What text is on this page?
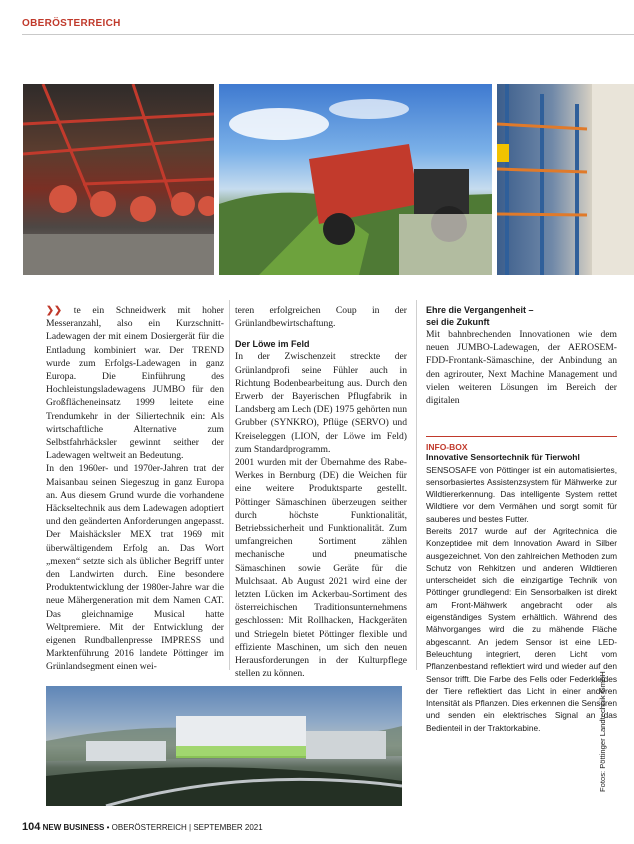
OBERÖSTERREICH

❯❯ te ein Schneidwerk mit hoher Messeranzahl, also ein Kurzschnitt-Ladewagen der mit einem Dosiergerät für die Entladung kombiniert war. Der TREND wurde zum Erfolgs-Ladewagen in ganz Europa. Die Einführung des Hochleistungsladewagens JUMBO für den Großflächeneinsatz 1999 leitete eine Trendumkehr in der Siliertechnik ein: Als wirtschaftliche Alternative zum Selbstfahrhäcksler gewinnt seither der Ladewagen weltweit an Bedeutung.

In den 1960er- und 1970er-Jahren trat der Maisanbau seinen Siegeszug in ganz Europa an. Aus diesem Grund wurde die vorhandene Häckseltechnik aus dem Ladewagen adoptiert und den geänderten Anforderungen angepasst. Der Maishäcksler MEX trat 1969 mit überwältigendem Erfolg an. Das Wort „mexen“ setzte sich als üblicher Begriff unter den Landwirten durch. Eine besondere Produktentwicklung der 1980er-Jahre war die neue Mähergeneration mit dem Namen CAT. Das gleichnamige Musical hatte Weltpremiere. Mit der Entwicklung der eigenen Rundballenpresse IMPRESS und Marktenführung 2016 landete Pöttinger im Grünlandsegment einen wei-

teren erfolgreichen Coup in der Grünlandbewirtschaftung.

Der Löwe im Feld

In der Zwischenzeit streckte der Grünlandprofi seine Fühler auch in Richtung Bodenbearbeitung aus. Durch den Erwerb der Bayerischen Pflugfabrik in Landsberg am Lech (DE) 1975 gehörten nun Grubber (SYNKRO), Pflüge (SERVO) und Kreiseleggen (LION, der Löwe im Feld) zum Standardprogramm.

2001 wurden mit der Übernahme des Rabe-Werkes in Bernburg (DE) die Weichen für eine weitere Produktsparte gestellt. Pöttinger Sämaschinen überzeugen seither durch höchste Funktionalität, Betriebssicherheit und Funktionalität. Zum umfangreichen Sortiment zählen mechanische und pneumatische Sämaschinen sowie Geräte für die Mulchsaat. Ab August 2021 wird eine der letzten Lücken im Ackerbau-Sortiment des österreichischen Traditionsunternehmens geschlossen: Mit Rollhacken, Hackgeräten und Striegeln bietet Pöttinger flexible und effiziente Maschinen, um sich den neuen Herausforderungen in der Kulturpflege stellen zu können.

Ehre die Vergangenheit –

sei die Zukunft

Mit bahnbrechenden Innovationen wie dem neuen JUMBO-Ladewagen, der AEROSEM-FDD-Frontank-Sämaschine, der Anbindung an den agrirouter, Next Machine Management und vielen weiteren Lösungen im Bereich der digitalen

INFO-BOX
Innovative Sensortechnik für Tierwohl

SENSOSAFE von Pöttinger ist ein automatisiertes, sensorbasiertes Assistenzsystem für Mähwerke zur Wildtiererkennung. Das intelligente System rettet Wildtiere vor dem Vermähen und sorgt somit für sauberes und bestes Futter.

Bereits 2017 wurde auf der Agritechnica die Konzeptidee mit dem Innovation Award in Silber ausgezeichnet. Von den zahlreichen Methoden zum Schutz von Rehkitzen und anderen Wildtieren unterscheidet sich die einzigartige Technik von Pöttinger grundlegend: Ein Sensorbalken ist direkt am Front-Mähwerk angebracht oder als eigenständiges System erhältlich. Während des Mähvorganges wird die zu mähende Fläche abgescannt. An jedem Sensor ist eine LED-Beleuchtung integriert, deren Licht vom Pflanzenbestand reflektiert wird und wieder auf den Sensor trifft. Die Farbe des Fells oder Federkleides der Tiere reflektiert das Licht in einer anderen Intensität als Pflanzen. Dies erkennen die Sensoren und senden ein elektrisches Signal an das Bedienteil in der Traktorkabine.	Fotos: Pöttinger Landtechnik GmbH
104 NEW BUSINESS • OBERÖSTERREICH | SEPTEMBER 2021
